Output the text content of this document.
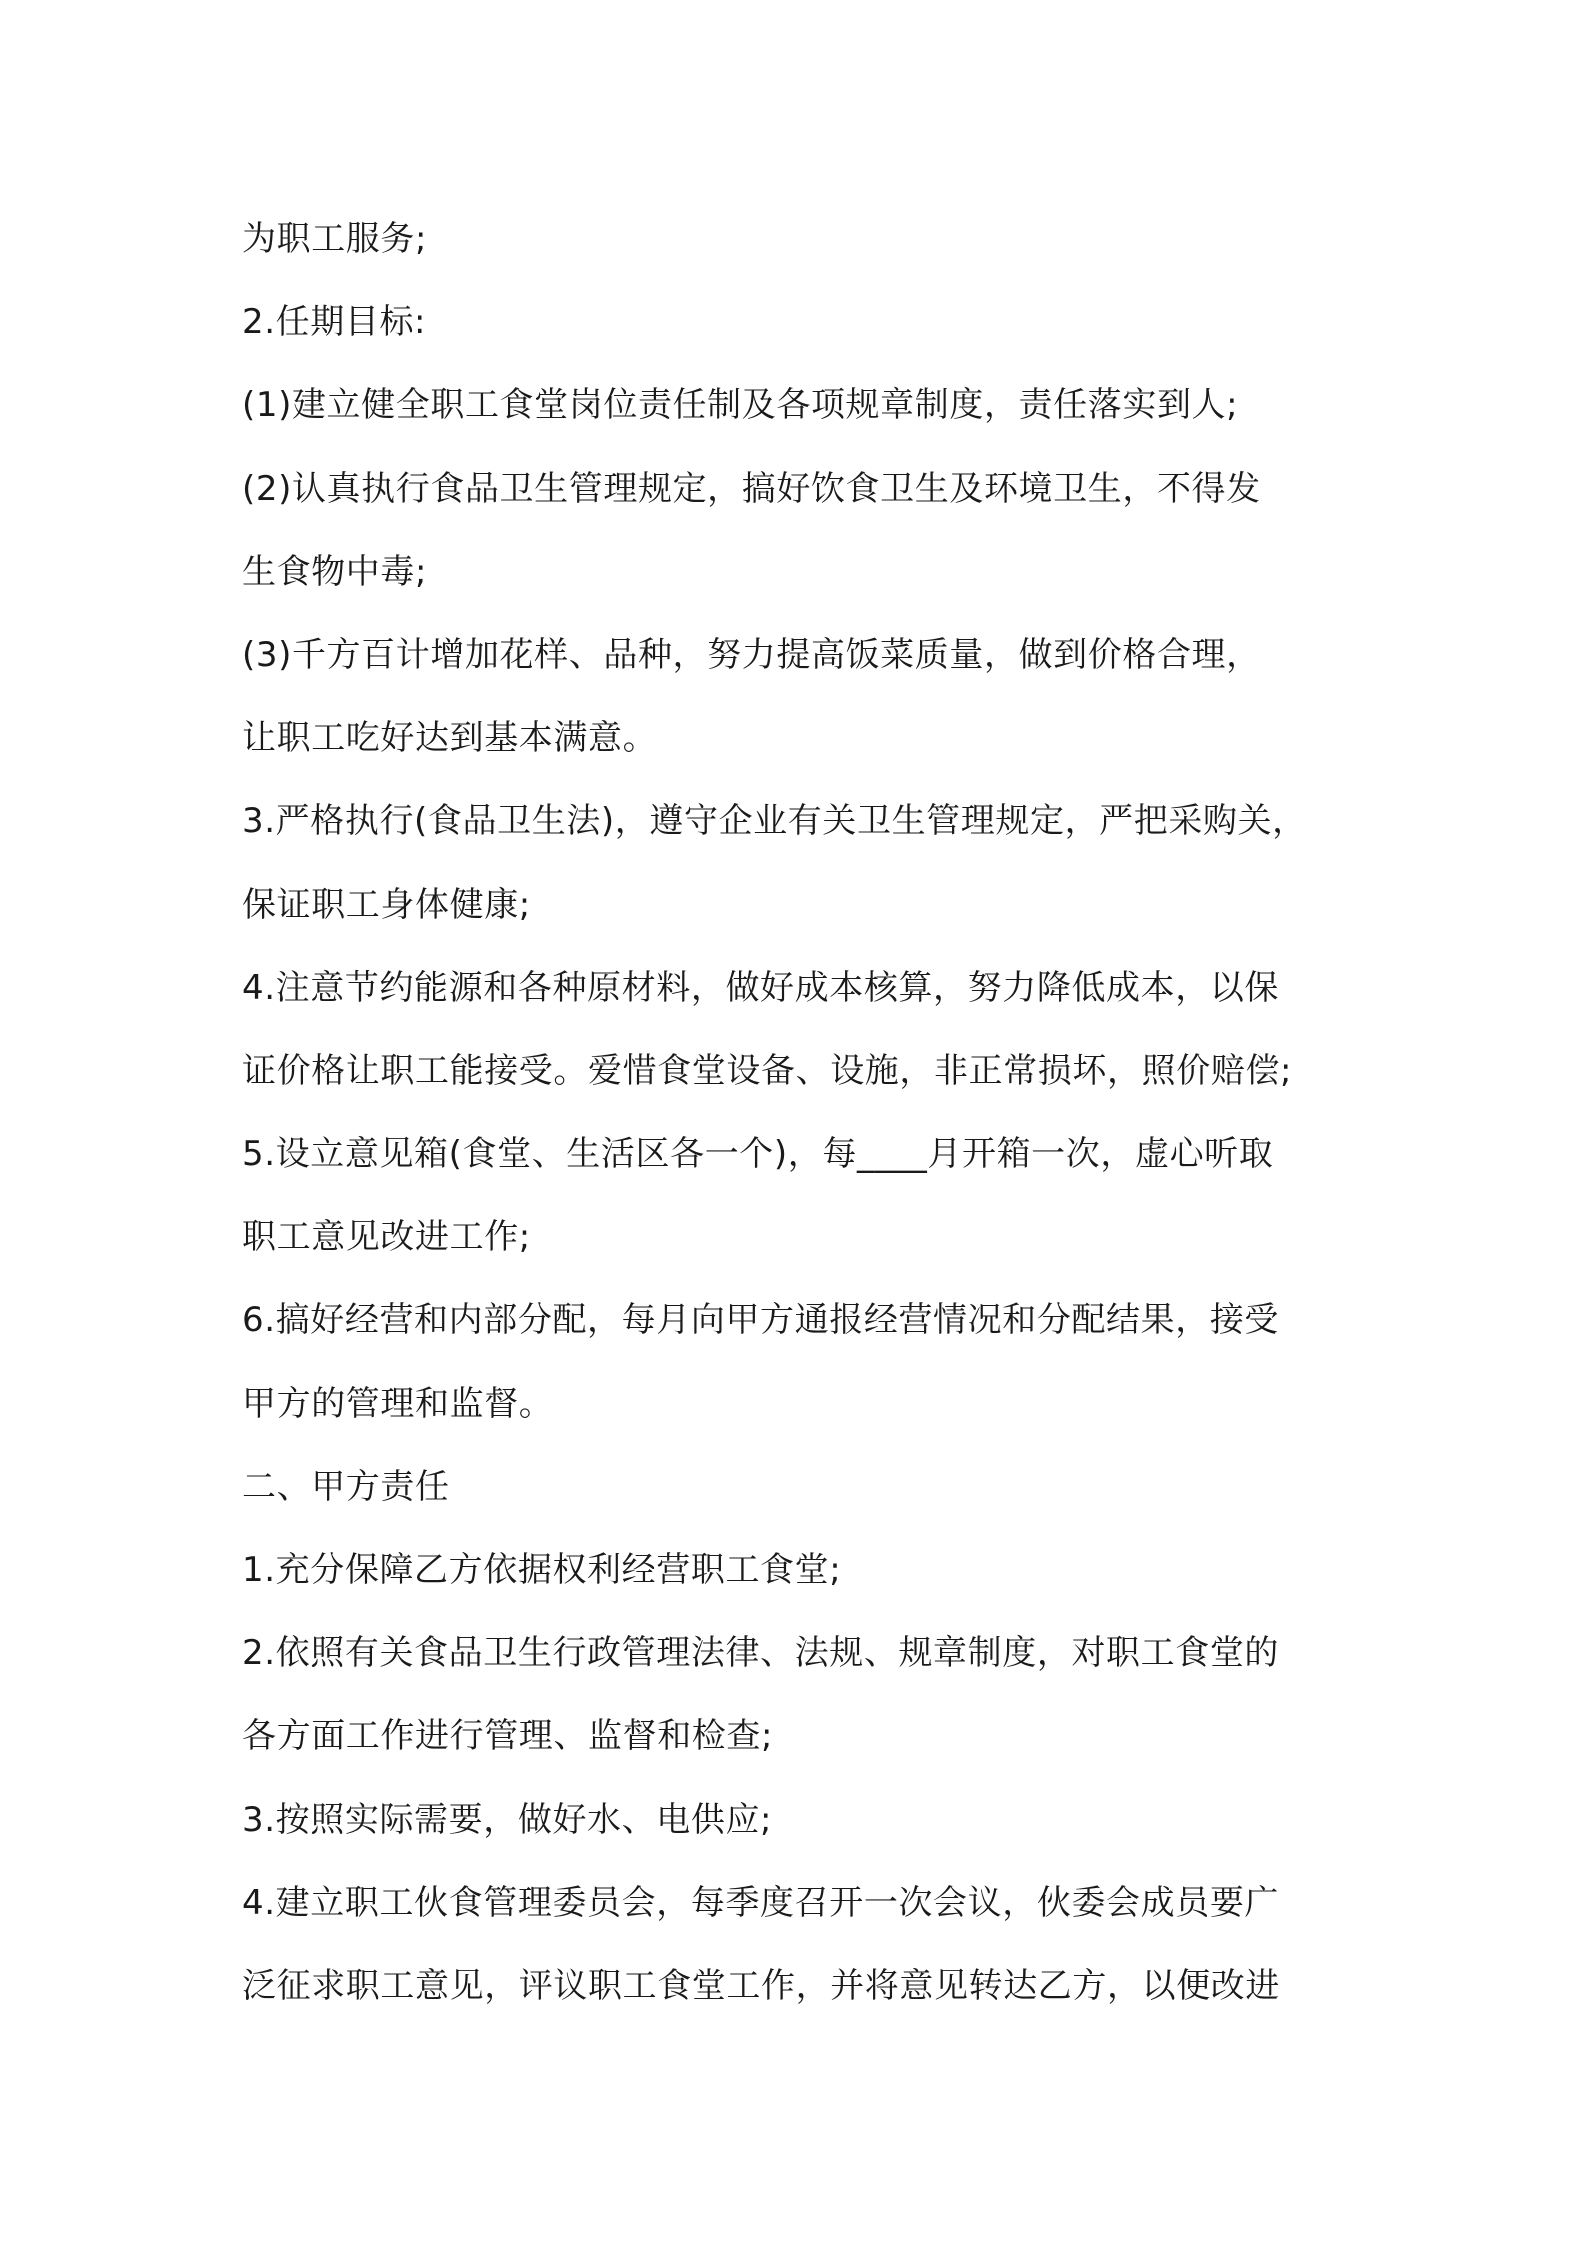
为职工服务;
2.任期目标:
(1)建立健全职工食堂岗位责任制及各项规章制度，责任落实到人;
(2)认真执行食品卫生管理规定，搞好饮食卫生及环境卫生，不得发
生食物中毒;
(3)千方百计增加花样、品种，努力提高饭菜质量，做到价格合理，
让职工吃好达到基本满意。
3.严格执行(食品卫生法)，遵守企业有关卫生管理规定，严把采购关，
保证职工身体健康;
4.注意节约能源和各种原材料，做好成本核算，努力降低成本，以保
证价格让职工能接受。爱惜食堂设备、设施，非正常损坏，照价赔偿;
5.设立意见箱(食堂、生活区各一个)，每____月开箱一次，虚心听取
职工意见改进工作;
6.搞好经营和内部分配，每月向甲方通报经营情况和分配结果，接受
甲方的管理和监督。
二、甲方责任
1.充分保障乙方依据权利经营职工食堂;
2.依照有关食品卫生行政管理法律、法规、规章制度，对职工食堂的
各方面工作进行管理、监督和检查;
3.按照实际需要，做好水、电供应;
4.建立职工伙食管理委员会，每季度召开一次会议，伙委会成员要广
泛征求职工意见，评议职工食堂工作，并将意见转达乙方，以便改进
